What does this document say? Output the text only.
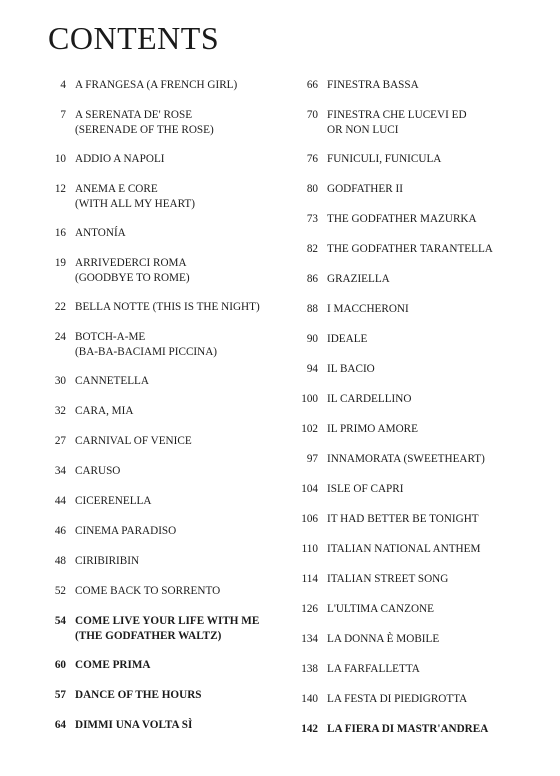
CONTENTS
4 A FRANGESA (A FRENCH GIRL)
7 A SERENATA DE' ROSE
(SERENADE OF THE ROSE)
10 ADDIO A NAPOLI
12 ANEMA E CORE
(WITH ALL MY HEART)
16 ANTONÍA
19 ARRIVEDERCI ROMA
(GOODBYE TO ROME)
22 BELLA NOTTE (THIS IS THE NIGHT)
24 BOTCH-A-ME
(BA-BA-BACIAMI PICCINA)
30 CANNETELLA
32 CARA, MIA
27 CARNIVAL OF VENICE
34 CARUSO
44 CICERENELLA
46 CINEMA PARADISO
48 CIRIBIRIBIN
52 COME BACK TO SORRENTO
54 COME LIVE YOUR LIFE WITH ME
(THE GODFATHER WALTZ)
60 COME PRIMA
57 DANCE OF THE HOURS
64 DIMMI UNA VOLTA SÌ
66 FINESTRA BASSA
70 FINESTRA CHE LUCEVI ED
OR NON LUCI
76 FUNICULI, FUNICULA
80 GODFATHER II
73 THE GODFATHER MAZURKA
82 THE GODFATHER TARANTELLA
86 GRAZIELLA
88 I MACCHERONI
90 IDEALE
94 IL BACIO
100 IL CARDELLINO
102 IL PRIMO AMORE
97 INNAMORATA (SWEETHEART)
104 ISLE OF CAPRI
106 IT HAD BETTER BE TONIGHT
110 ITALIAN NATIONAL ANTHEM
114 ITALIAN STREET SONG
126 L'ULTIMA CANZONE
134 LA DONNA È MOBILE
138 LA FARFALLETTA
140 LA FESTA DI PIEDIGROTTA
142 LA FIERA DI MASTR'ANDREA
